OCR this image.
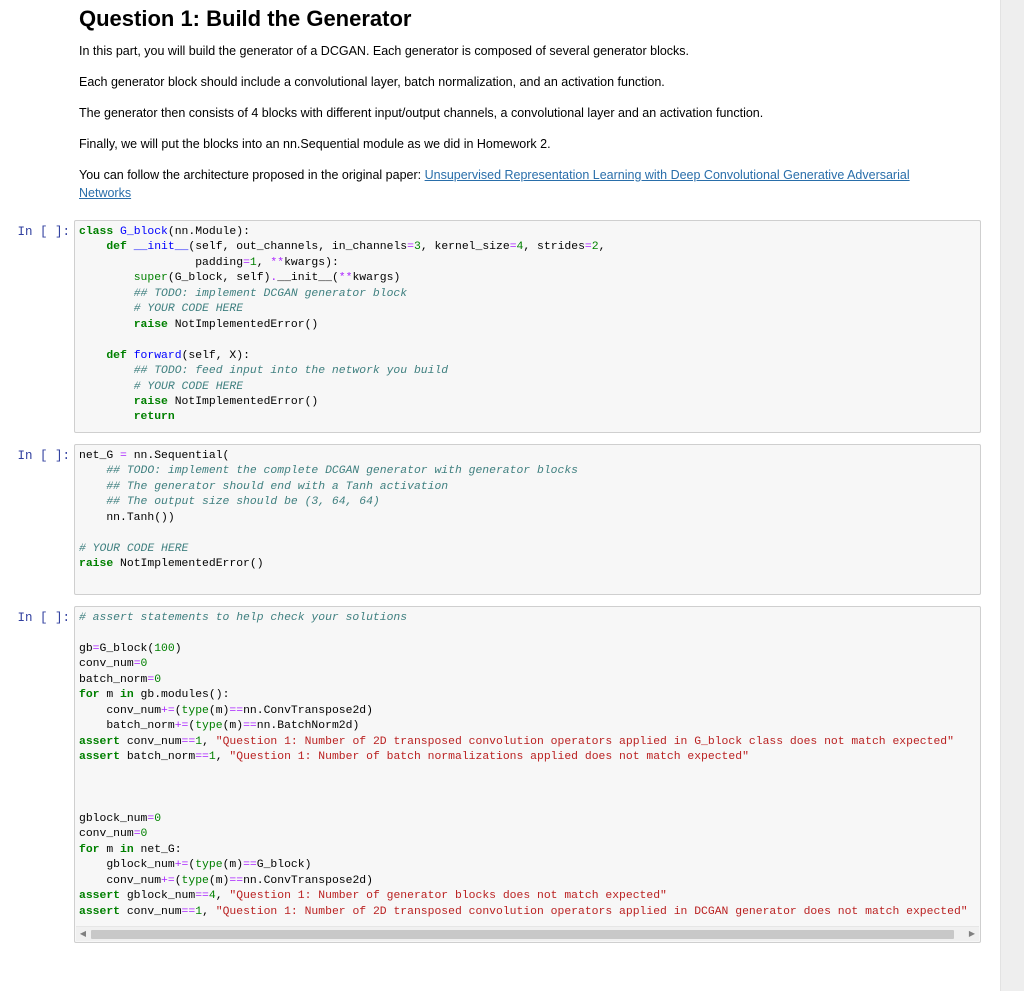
Question 1: Build the Generator

In this part, you will build the generator of a DCGAN. Each generator is composed of several generator blocks.

Each generator block should include a convolutional layer, batch normalization, and an activation function.

The generator then consists of 4 blocks with different input/output channels, a convolutional layer and an activation function.

Finally, we will put the blocks into an nn.Sequential module as we did in Homework 2.

You can follow the architecture proposed in the original paper: Unsupervised Representation Learning with Deep Convolutional Generative Adversarial Networks

In [ ]: class G_block(nn.Module):
def __init__(self, out_channels, in_channels=3, kernel_size=4, strides=2,
padding=1, **kwargs):
super(G_block, self).__init__(**kwargs)
## TODO: implement DCGAN generator block
# YOUR CODE HERE
raise NotImplementedError()

def forward(self, X):
## TODO: feed input into the network you build
# YOUR CODE HERE
raise NotImplementedError()
return
In [ ]: net_G = nn.Sequential(
## TODO: implement the complete DCGAN generator with generator blocks
## The generator should end with a Tanh activation
## The output size should be (3, 64, 64)
nn.Tanh())

# YOUR CODE HERE
raise NotImplementedError()
In [ ]: # assert statements to help check your solutions

gb=G_block(100)
conv_num=0
batch_norm=0
for m in gb.modules():
conv_num+=(type(m)==nn.ConvTranspose2d)
batch_norm+=(type(m)==nn.BatchNorm2d)
assert conv_num==1, "Question 1: Number of 2D transposed convolution operators applied in G_block class does not match expected"
assert batch_norm==1, "Question 1: Number of batch normalizations applied does not match expected"

gblock_num=0
conv_num=0
for m in net_G:
gblock_num+=(type(m)==G_block)
conv_num+=(type(m)==nn.ConvTranspose2d)
assert gblock_num==4, "Question 1: Number of generator blocks does not match expected"
assert conv_num==1, "Question 1: Number of 2D transposed convolution operators applied in DCGAN generator does not match expected"
◀	▶
